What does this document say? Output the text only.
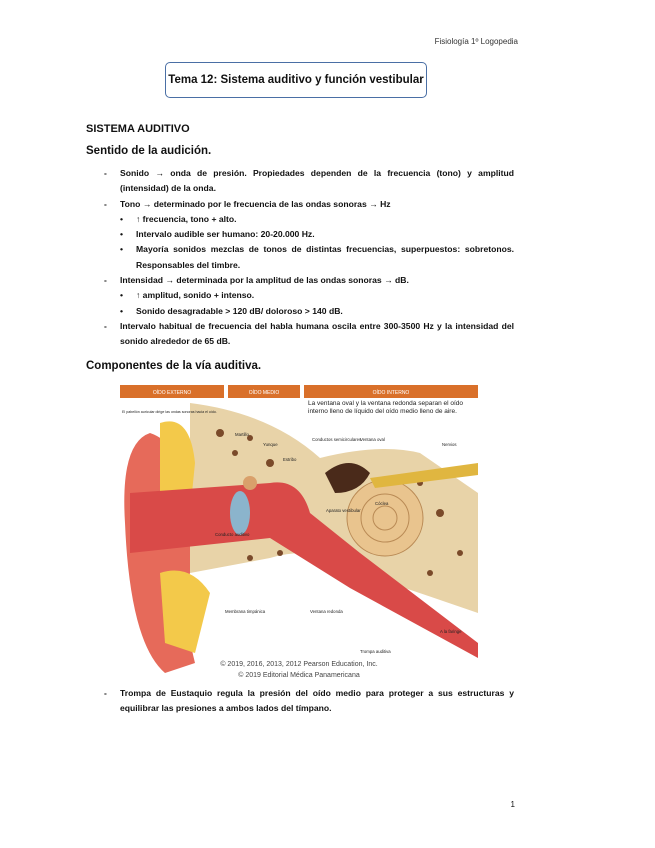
Fisiología 1º Logopedia
Tema 12: Sistema auditivo y función vestibular
SISTEMA AUDITIVO
Sentido de la audición.
- Sonido → onda de presión. Propiedades dependen de la frecuencia (tono) y amplitud (intensidad) de la onda.
- Tono → determinado por le frecuencia de las ondas sonoras → Hz
• ↑ frecuencia, tono + alto.
• Intervalo audible ser humano: 20-20.000 Hz.
• Mayoría sonidos mezclas de tonos de distintas frecuencias, superpuestos: sobretonos. Responsables del timbre.
- Intensidad → determinada por la amplitud de las ondas sonoras → dB.
• ↑ amplitud, sonido + intenso.
• Sonido desagradable > 120 dB/ doloroso > 140 dB.
- Intervalo habitual de frecuencia del habla humana oscila entre 300-3500 Hz y la intensidad del sonido alrededor de 65 dB.
Componentes de la vía auditiva.
OÍDO EXTERNO	OÍDO MEDIO	OÍDO INTERNO
El pabellón auricular dirige las ondas sonoras hacia el oído.
Martillo
Yunque
Estribo
Conductos semicirculares
Ventana oval
Nervios
Aparato vestibular
Cóclea
Conducto auditivo
Membrana timpánica	Ventana redonda
A la faringe
Trompa auditiva
© 2019, 2016, 2013, 2012 Pearson Education, Inc.
© 2019 Editorial Médica Panamericana
La ventana oval y la ventana redonda separan el oído interno lleno de líquido del oído medio lleno de aire.
- Trompa de Eustaquio regula la presión del oído medio para proteger a sus estructuras y equilibrar las presiones a ambos lados del tímpano.
1
